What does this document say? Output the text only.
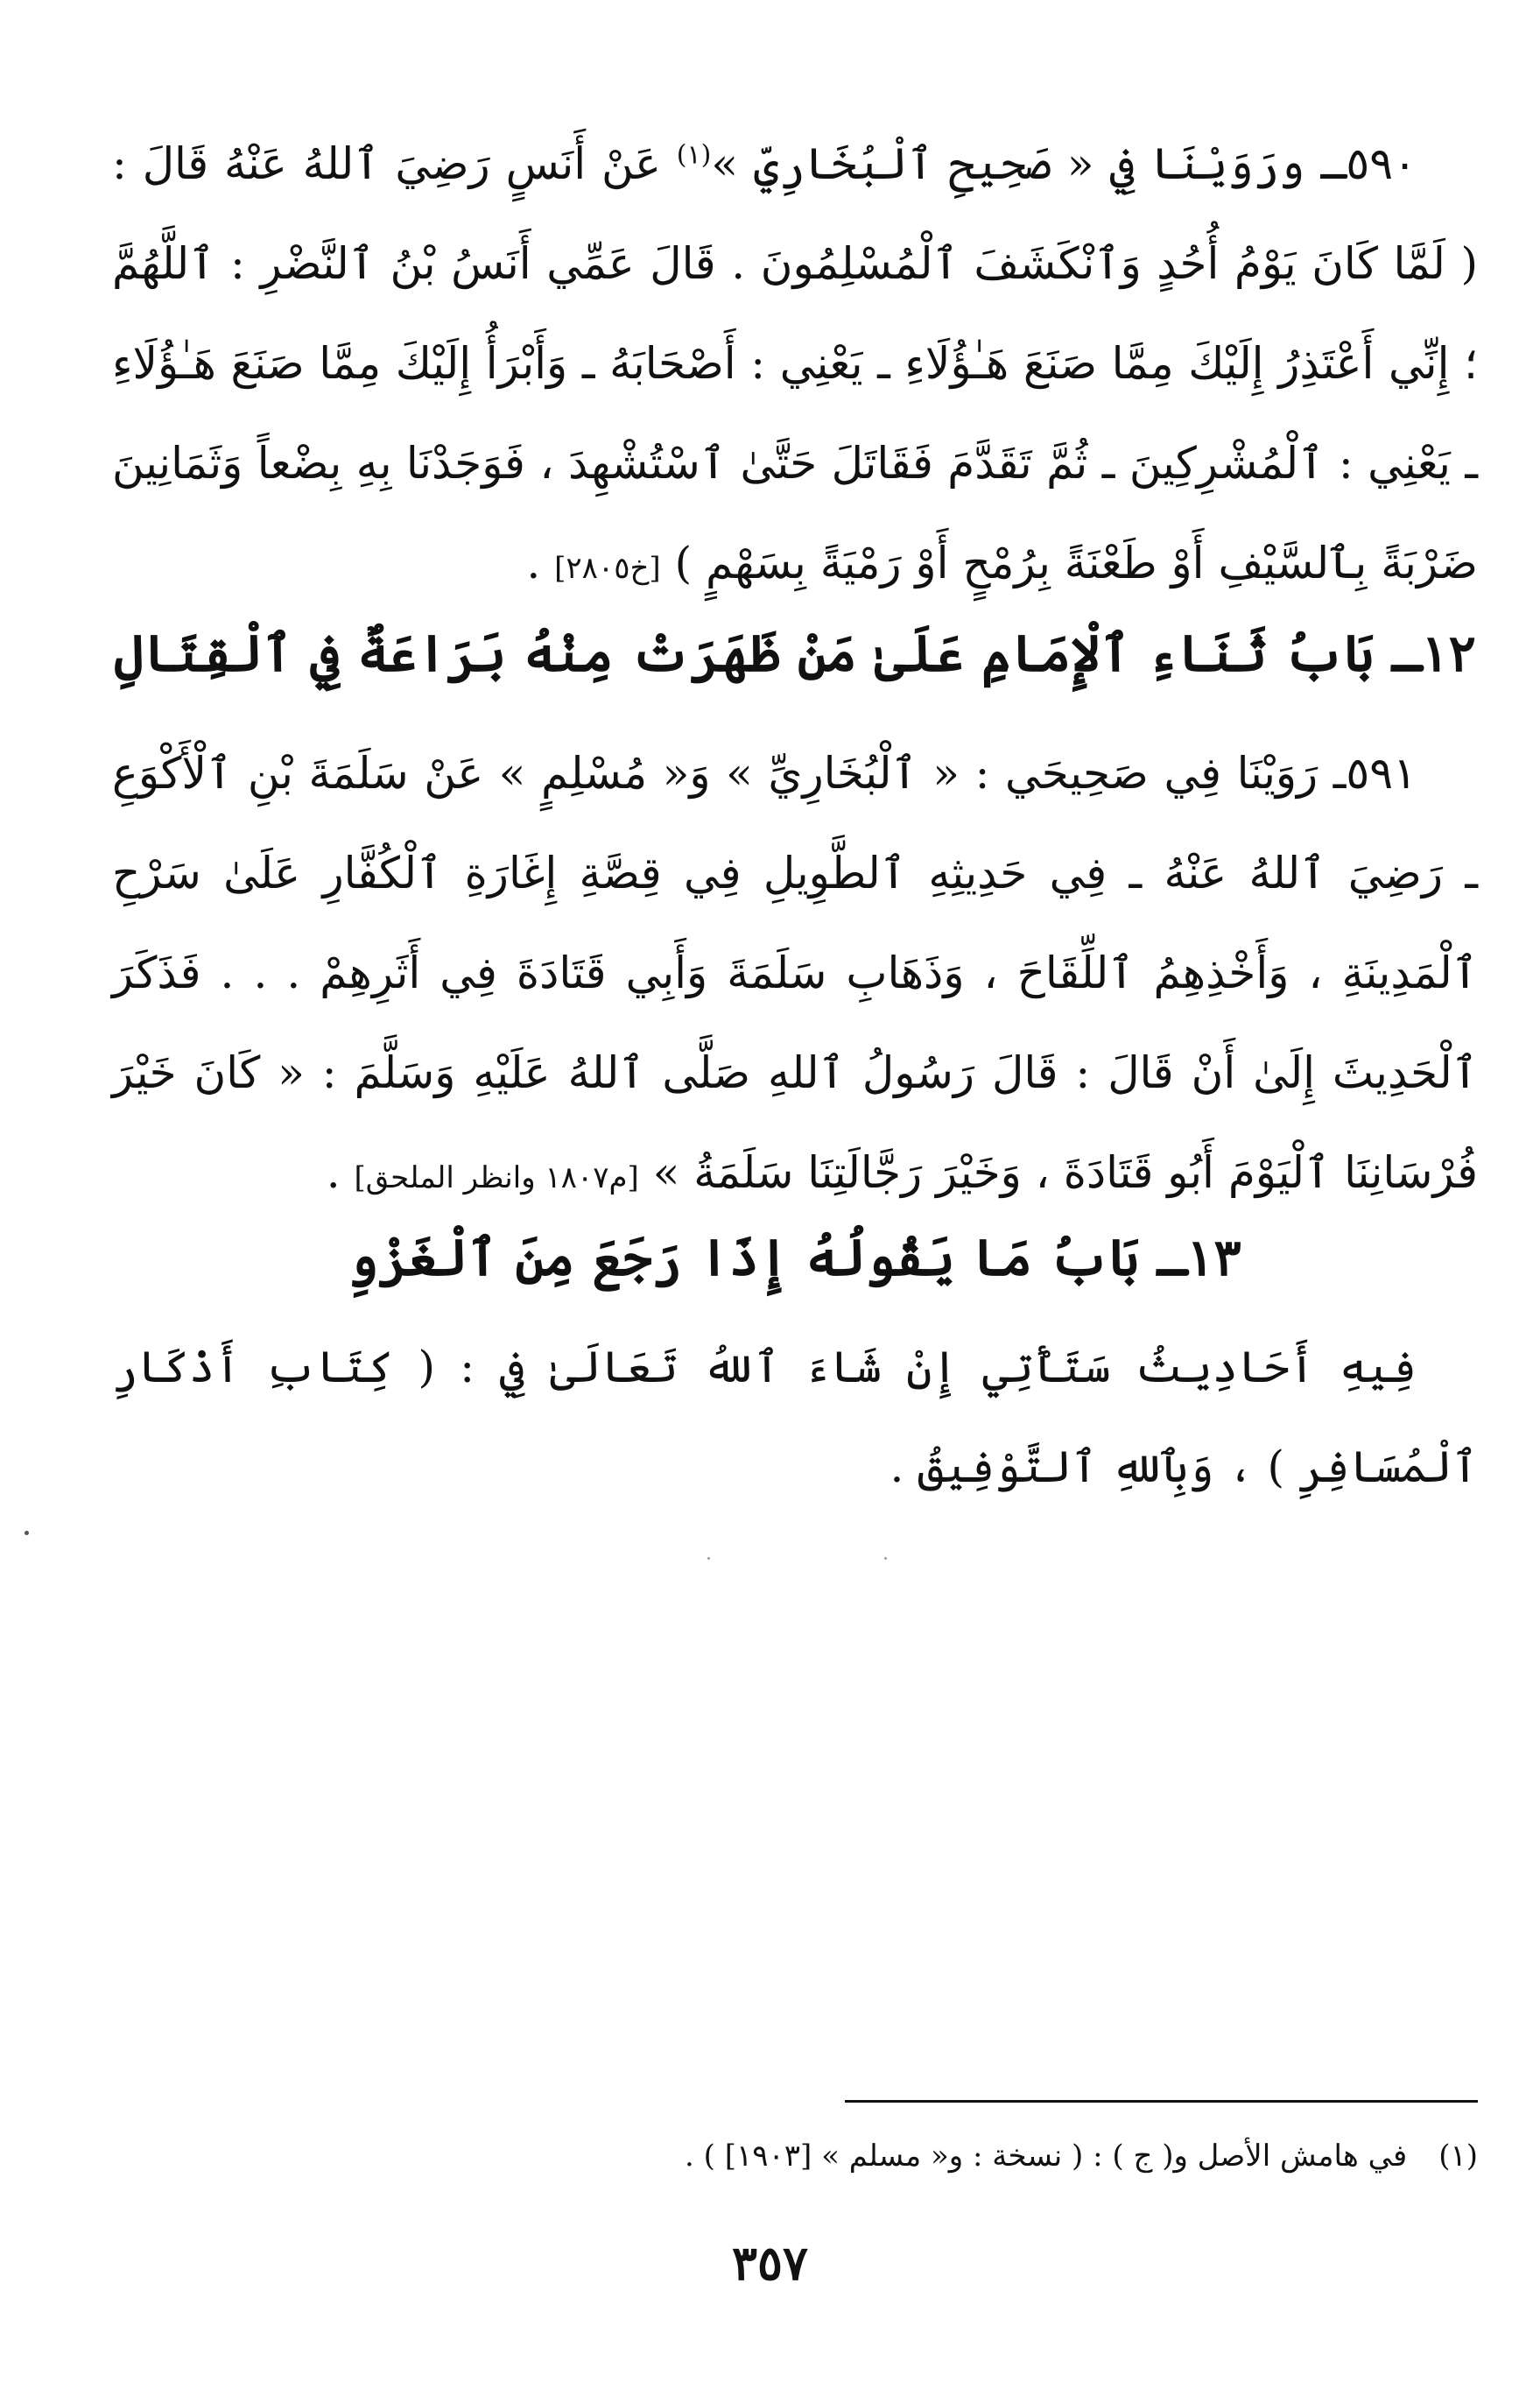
٥٩٠ـ ورَوَيْنَا فِي « صَحِيحِ ٱلْبُخَارِيِّ »$^{(١)}$ عَنْ أَنَسٍ رَضِيَ ٱللهُ عَنْهُ قَالَ : ( لَمَّا كَانَ يَوْمُ أُحُدٍ وَٱنْكَشَفَ ٱلْمُسْلِمُونَ . قَالَ عَمِّي أَنَسُ بْنُ ٱلنَّضْرِ : ٱللَّهُمَّ ؛ إِنِّي أَعْتَذِرُ إِلَيْكَ مِمَّا صَنَعَ هَـٰؤُلَاءِ ـ يَعْنِي : أَصْحَابَهُ ـ وَأَبْرَأُ إِلَيْكَ مِمَّا صَنَعَ هَـٰؤُلَاءِ ـ يَعْنِي : ٱلْمُشْرِكِينَ ـ ثُمَّ تَقَدَّمَ فَقَاتَلَ حَتَّىٰ ٱسْتُشْهِدَ ، فَوَجَدْنَا بِهِ بِضْعاً وَثَمَانِينَ ضَرْبَةً بِٱلسَّيْفِ أَوْ طَعْنَةً بِرُمْحٍ أَوْ رَمْيَةً بِسَهْمٍ ) [خ٢٨٠٥] .

١٢ـ بَابُ ثَنَاءِ ٱلْإِمَامِ عَلَىٰ مَنْ ظَهَرَتْ مِنْهُ بَرَاعَةٌ فِي ٱلْقِتَالِ

٥٩١ـ رَوَيْنَا فِي صَحِيحَي : « ٱلْبُخَارِيِّ » وَ« مُسْلِمٍ » عَنْ سَلَمَةَ بْنِ ٱلْأَكْوَعِ ـ رَضِيَ ٱللهُ عَنْهُ ـ فِي حَدِيثِهِ ٱلطَّوِيلِ فِي قِصَّةِ إِغَارَةِ ٱلْكُفَّارِ عَلَىٰ سَرْحِ ٱلْمَدِينَةِ ، وَأَخْذِهِمُ ٱللِّقَاحَ ، وَذَهَابِ سَلَمَةَ وَأَبِي قَتَادَةَ فِي أَثَرِهِمْ . . . فَذَكَرَ ٱلْحَدِيثَ إِلَىٰ أَنْ قَالَ : قَالَ رَسُولُ ٱللهِ صَلَّى ٱللهُ عَلَيْهِ وَسَلَّمَ : « كَانَ خَيْرَ فُرْسَانِنَا ٱلْيَوْمَ أَبُو قَتَادَةَ ، وَخَيْرَ رَجَّالَتِنَا سَلَمَةُ » [م١٨٠٧ وانظر الملحق] .

١٣ـ بَابُ مَا يَقُولُهُ إِذَا رَجَعَ مِنَ ٱلْغَزْوِ

فِيهِ أَحَادِيثُ سَتَأْتِي إِنْ شَاءَ ٱللهُ تَعَالَىٰ فِي : ( كِتَابِ أَذْكَارِ ٱلْمُسَافِرِ ) ، وَبِٱللهِ ٱلتَّوْفِيقُ .

(١)في هامش الأصل و( ج ) : ( نسخة : و« مسلم » [١٩٠٣] ) .
٣٥٧
